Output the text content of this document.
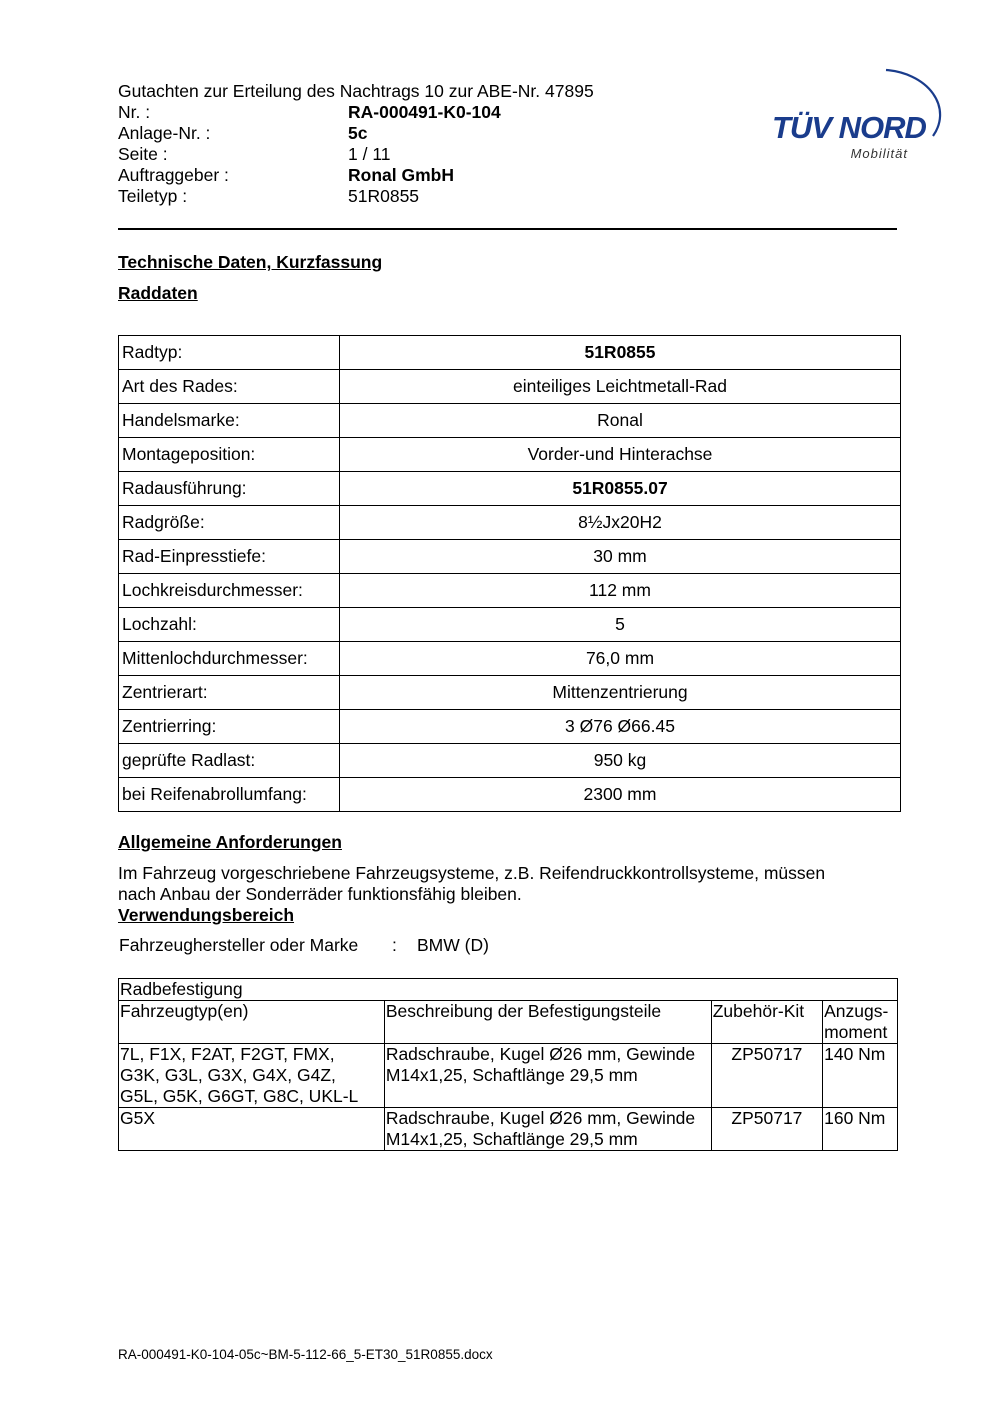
Gutachten zur Erteilung des Nachtrags 10 zur ABE-Nr. 47895
Nr. :	RA-000491-K0-104
Anlage-Nr. :	5c
Seite :	1 / 11
Auftraggeber :	Ronal GmbH
Teiletyp :	51R0855
TÜV NORD
Mobilität
Technische Daten, Kurzfassung
Raddaten
Radtyp:	51R0855
Art des Rades:	einteiliges Leichtmetall-Rad
Handelsmarke:	Ronal
Montageposition:	Vorder-und Hinterachse
Radausführung:	51R0855.07
Radgröße:	8½Jx20H2
Rad-Einpresstiefe:	30 mm
Lochkreisdurchmesser:	112 mm
Lochzahl:	5
Mittenlochdurchmesser:	76,0 mm
Zentrierart:	Mittenzentrierung
Zentrierring:	3 Ø76 Ø66.45
geprüfte Radlast:	950 kg
bei Reifenabrollumfang:	2300 mm
Allgemeine Anforderungen
Im Fahrzeug vorgeschriebene Fahrzeugsysteme, z.B. Reifendruckkontrollsysteme, müssen
nach Anbau der Sonderräder funktionsfähig bleiben.
Verwendungsbereich
Fahrzeughersteller oder Marke : BMW (D)
Radbefestigung			
Fahrzeugtyp(en)	Beschreibung der Befestigungsteile	Zubehör-Kit	Anzugs-
moment
7L, F1X, F2AT, F2GT, FMX,
G3K, G3L, G3X, G4X, G4Z,
G5L, G5K, G6GT, G8C, UKL-L	Radschraube, Kugel Ø26 mm, Gewinde
M14x1,25, Schaftlänge 29,5 mm	ZP50717	140 Nm
G5X	Radschraube, Kugel Ø26 mm, Gewinde
M14x1,25, Schaftlänge 29,5 mm	ZP50717	160 Nm
RA-000491-K0-104-05c~BM-5-112-66_5-ET30_51R0855.docx
